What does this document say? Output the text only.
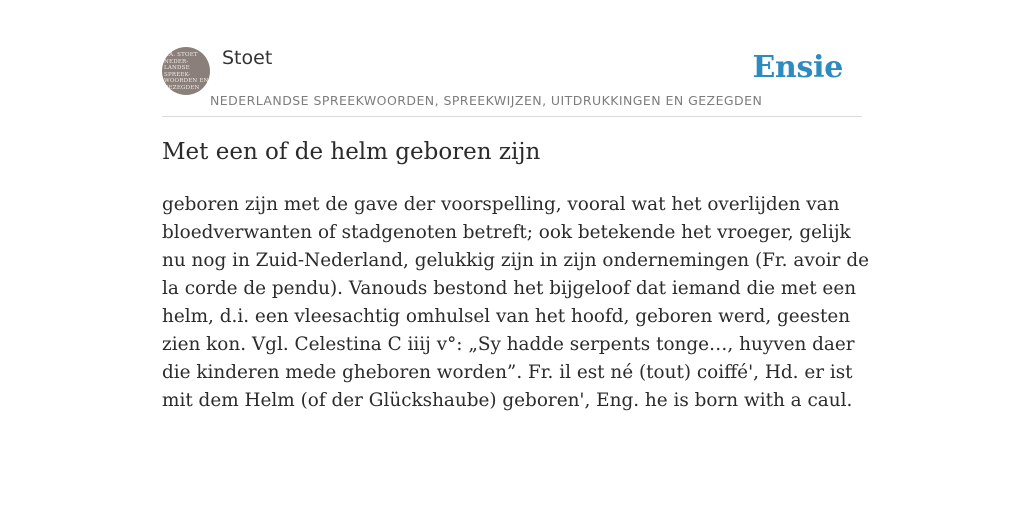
F.A. STOET
NEDER-
LANDSE
SPREEK-
WOORDEN EN
GEZEGDEN
Stoet
NEDERLANDSE SPREEKWOORDEN, SPREEKWIJZEN, UITDRUKKINGEN EN GEZEGDEN
Ensie
Met een of de helm geboren zijn

geboren zijn met de gave der voorspelling, vooral wat het overlijden van bloedverwanten of stadgenoten betreft; ook betekende het vroeger, gelijk nu nog in Zuid-Nederland, gelukkig zijn in zijn ondernemingen (Fr. avoir de la corde de pendu). Vanouds bestond het bijgeloof dat iemand die met een helm, d.i. een vleesachtig omhulsel van het hoofd, geboren werd, geesten zien kon. Vgl. Celestina C iiij v°: „Sy hadde serpents tonge…, huyven daer die kinderen mede gheboren worden”. Fr. il est né (tout) coiffé', Hd. er ist mit dem Helm (of der Glückshaube) geboren', Eng. he is born with a caul.
